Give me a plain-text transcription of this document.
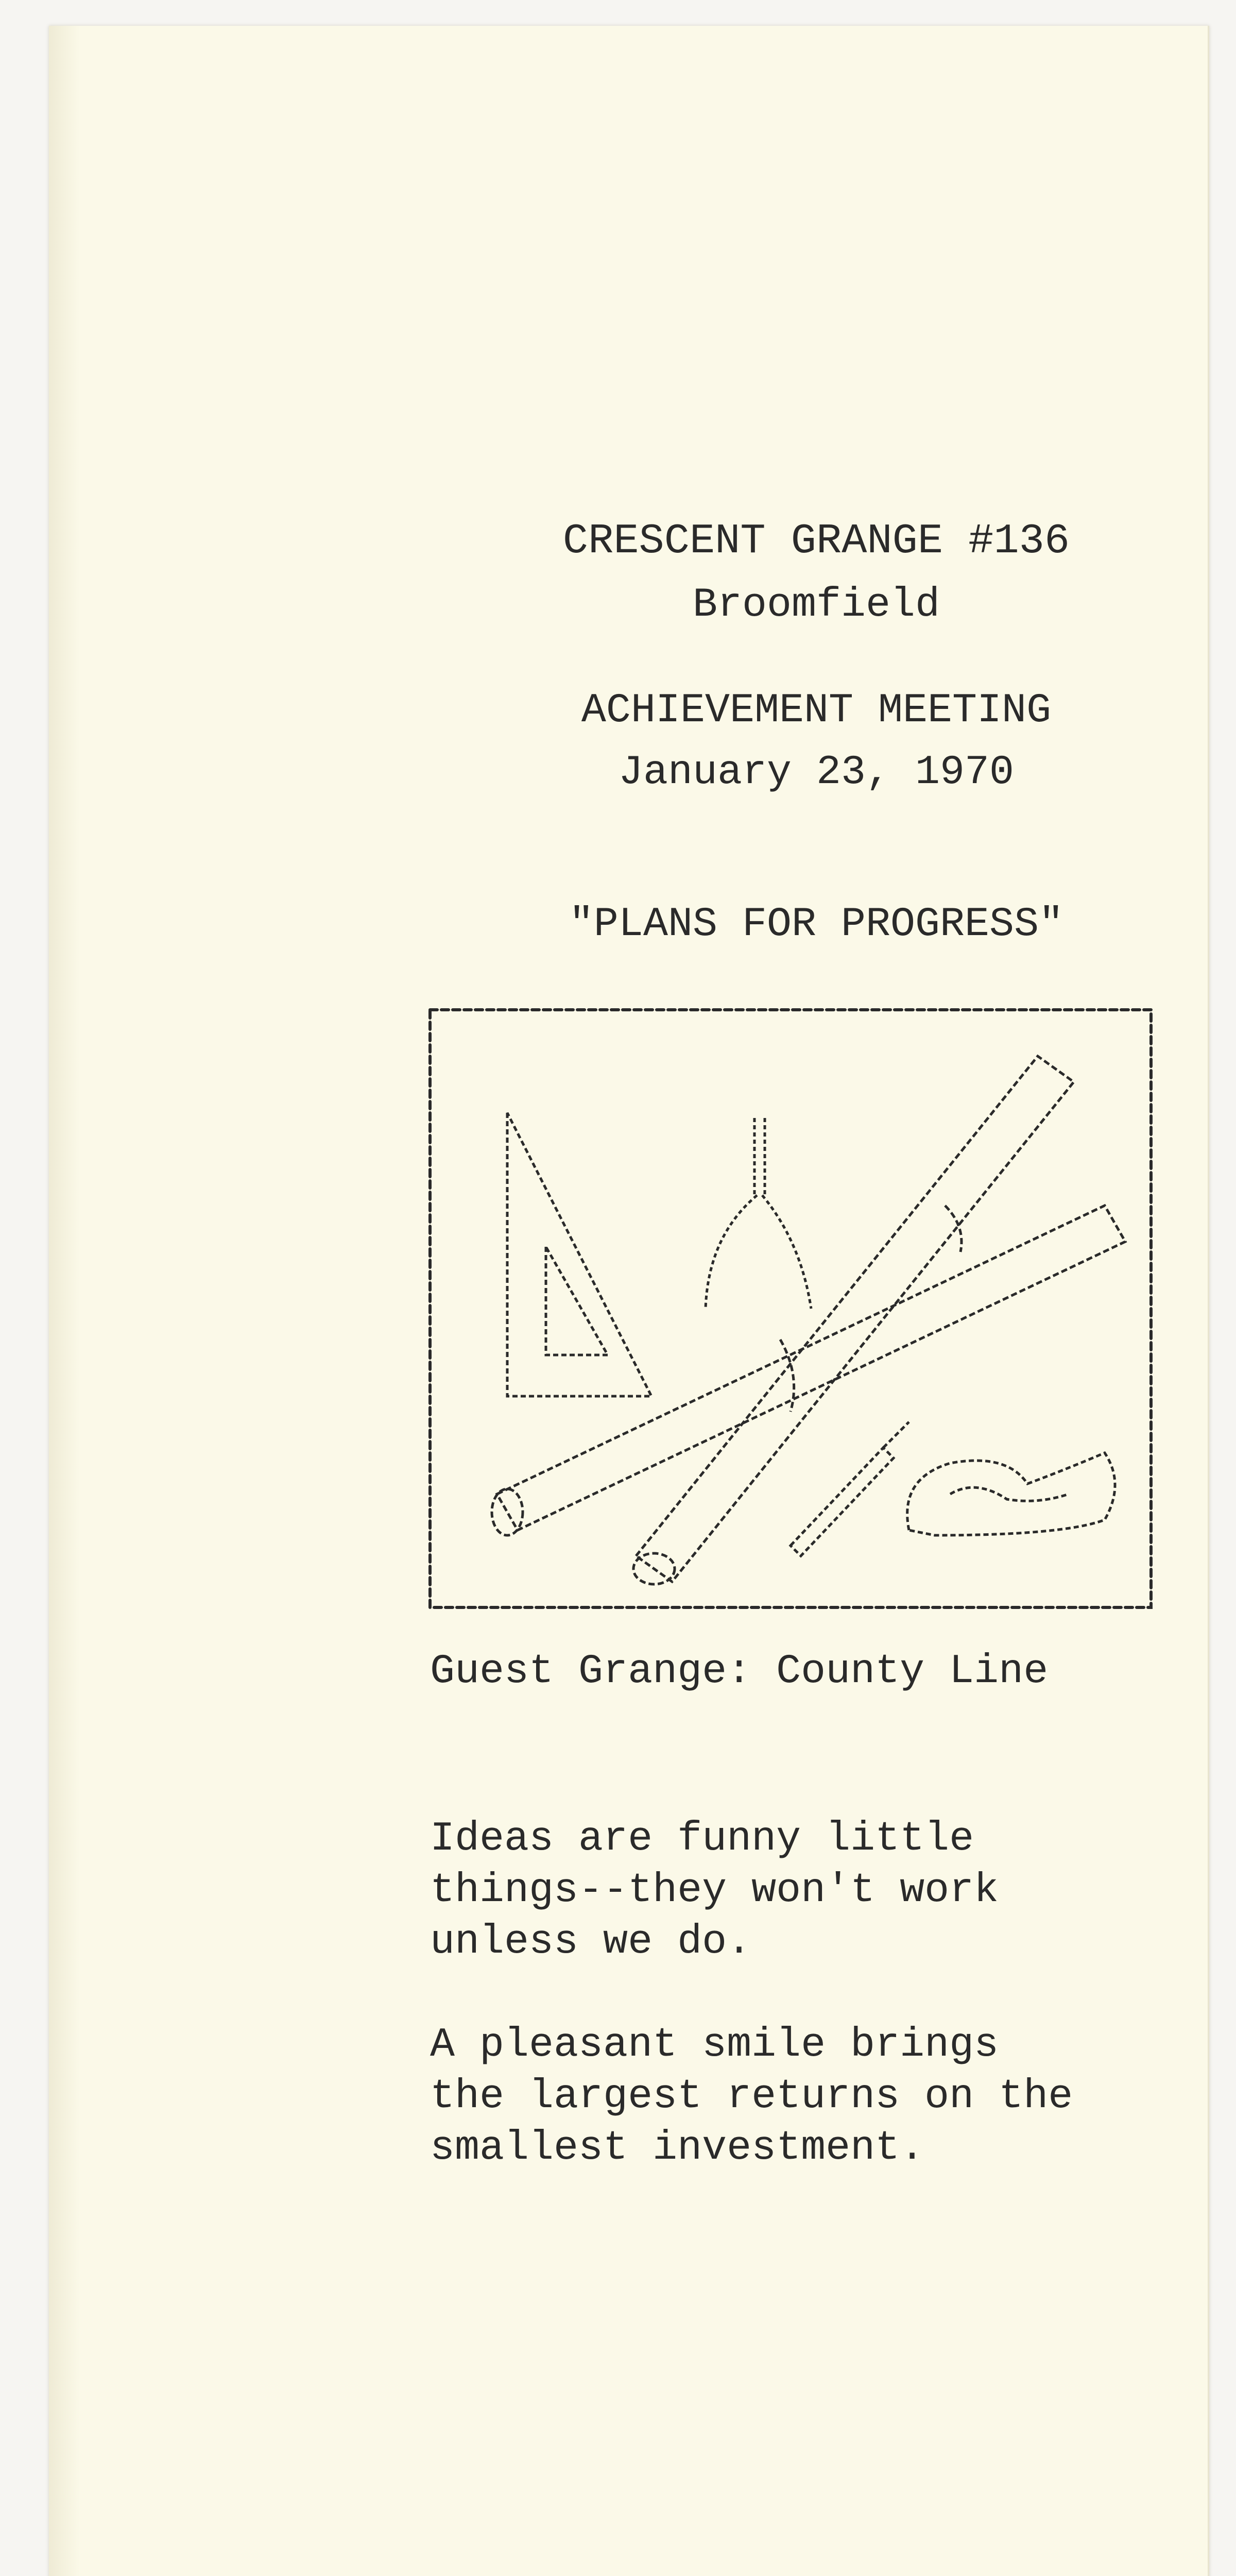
CRESCENT GRANGE #136
Broomfield
ACHIEVEMENT MEETING
January 23, 1970
"PLANS FOR PROGRESS"
Guest Grange: County Line
Ideas are funny little
things--they won't work
unless we do.
A pleasant smile brings
the largest returns on the
smallest investment.
